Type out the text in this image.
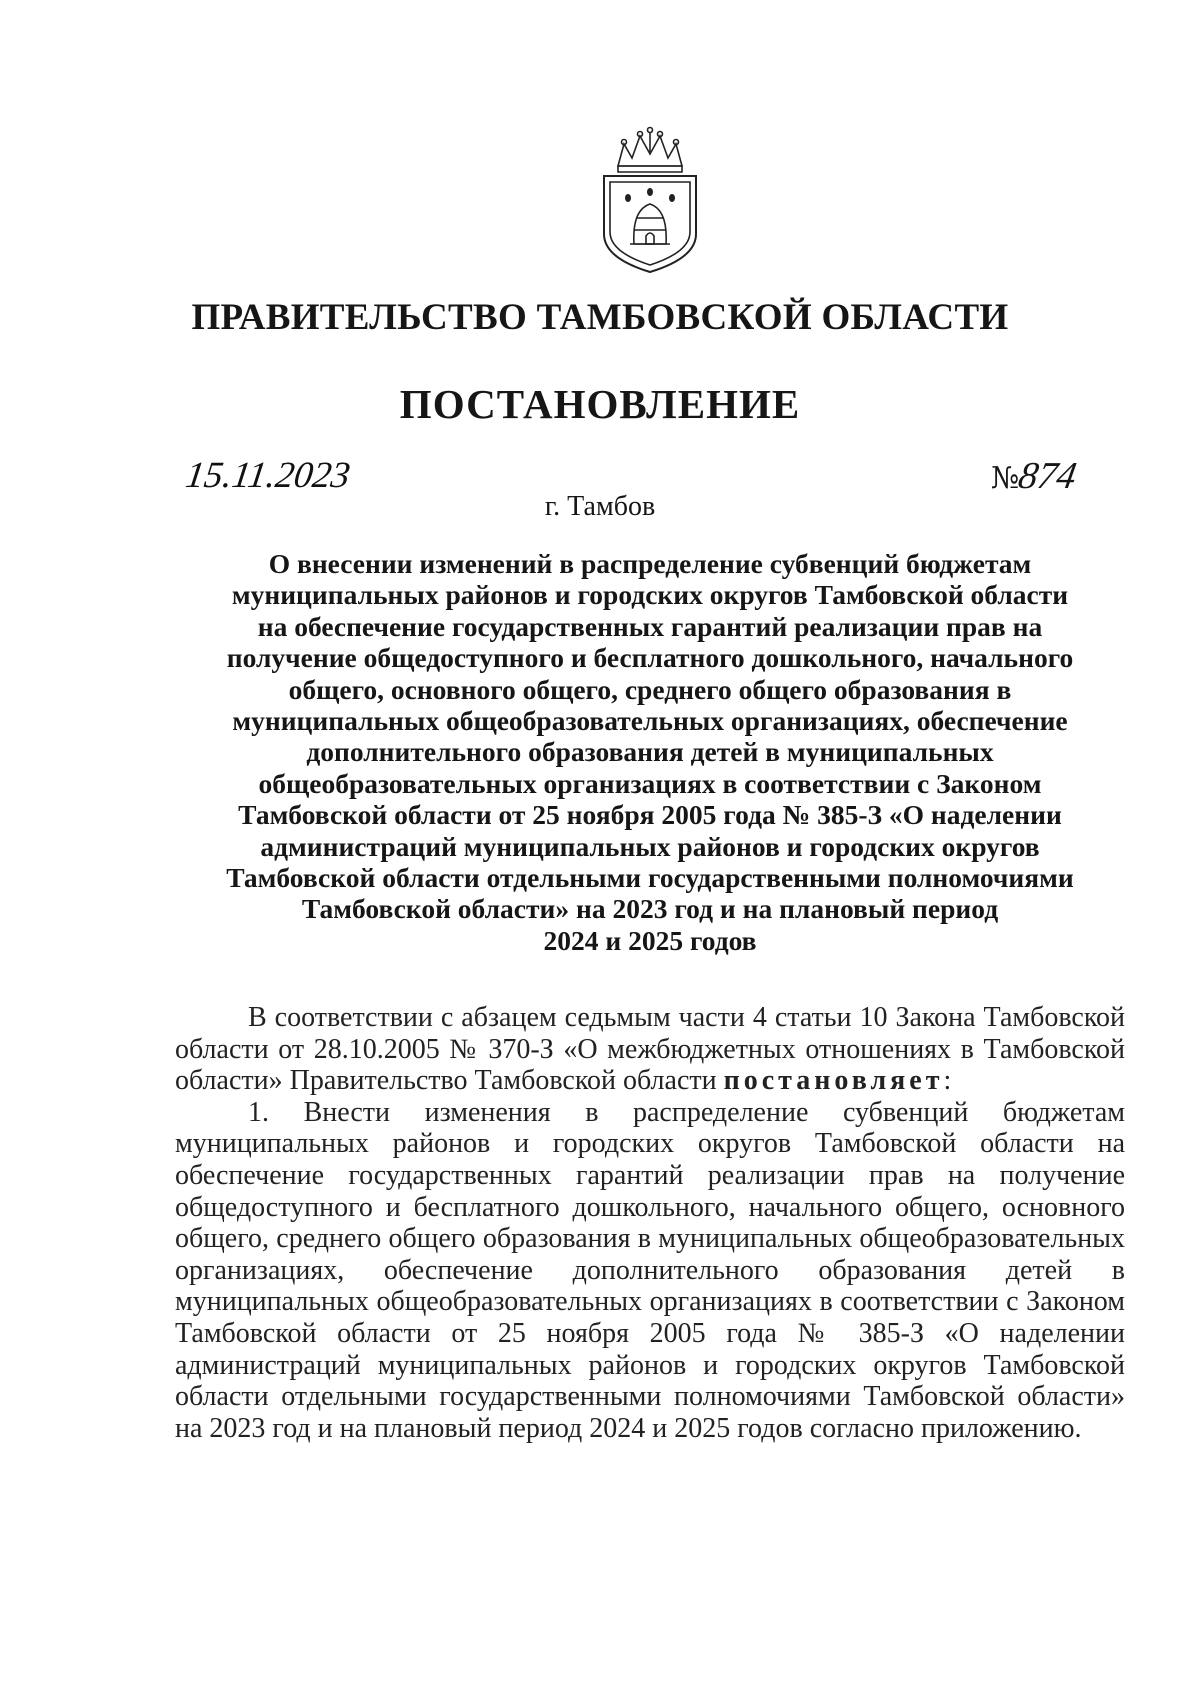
ПРАВИТЕЛЬСТВО ТАМБОВСКОЙ ОБЛАСТИ
ПОСТАНОВЛЕНИЕ
15.11.2023	№874
г. Тамбов
О внесении изменений в распределение субвенций бюджетам
муниципальных районов и городских округов Тамбовской области
на обеспечение государственных гарантий реализации прав на
получение общедоступного и бесплатного дошкольного, начального
общего, основного общего, среднего общего образования в
муниципальных общеобразовательных организациях, обеспечение
дополнительного образования детей в муниципальных
общеобразовательных организациях в соответствии с Законом
Тамбовской области от 25 ноября 2005 года № 385-З «О наделении
администраций муниципальных районов и городских округов
Тамбовской области отдельными государственными полномочиями
Тамбовской области» на 2023 год и на плановый период
2024 и 2025 годов

В соответствии с абзацем седьмым части 4 статьи 10 Закона Тамбовской области от 28.10.2005 № 370-З «О межбюджетных отношениях в Тамбовской области» Правительство Тамбовской области постановляет:

1. Внести изменения в распределение субвенций бюджетам муниципальных районов и городских округов Тамбовской области на обеспечение государственных гарантий реализации прав на получение общедоступного и бесплатного дошкольного, начального общего, основного общего, среднего общего образования в муниципальных общеобразовательных организациях, обеспечение дополнительного образования детей в муниципальных общеобразовательных организациях в соответствии с Законом Тамбовской области от 25 ноября 2005 года № 385-З «О наделении администраций муниципальных районов и городских округов Тамбовской области отдельными государственными полномочиями Тамбовской области» на 2023 год и на плановый период 2024 и 2025 годов согласно приложению.
